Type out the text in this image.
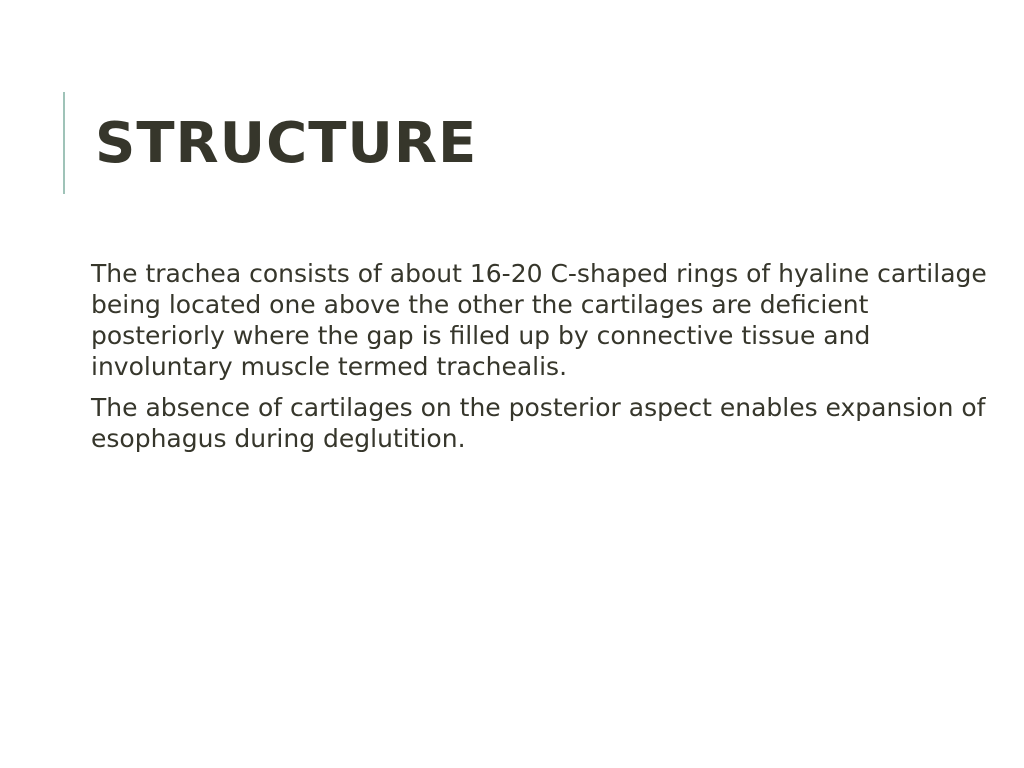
STRUCTURE

The trachea consists of about 16-20 C-shaped rings of hyaline cartilage being located one above the other the cartilages are deficient posteriorly where the gap is filled up by connective tissue and involuntary muscle termed trachealis.

The absence of cartilages on the posterior aspect enables expansion of esophagus during deglutition.
